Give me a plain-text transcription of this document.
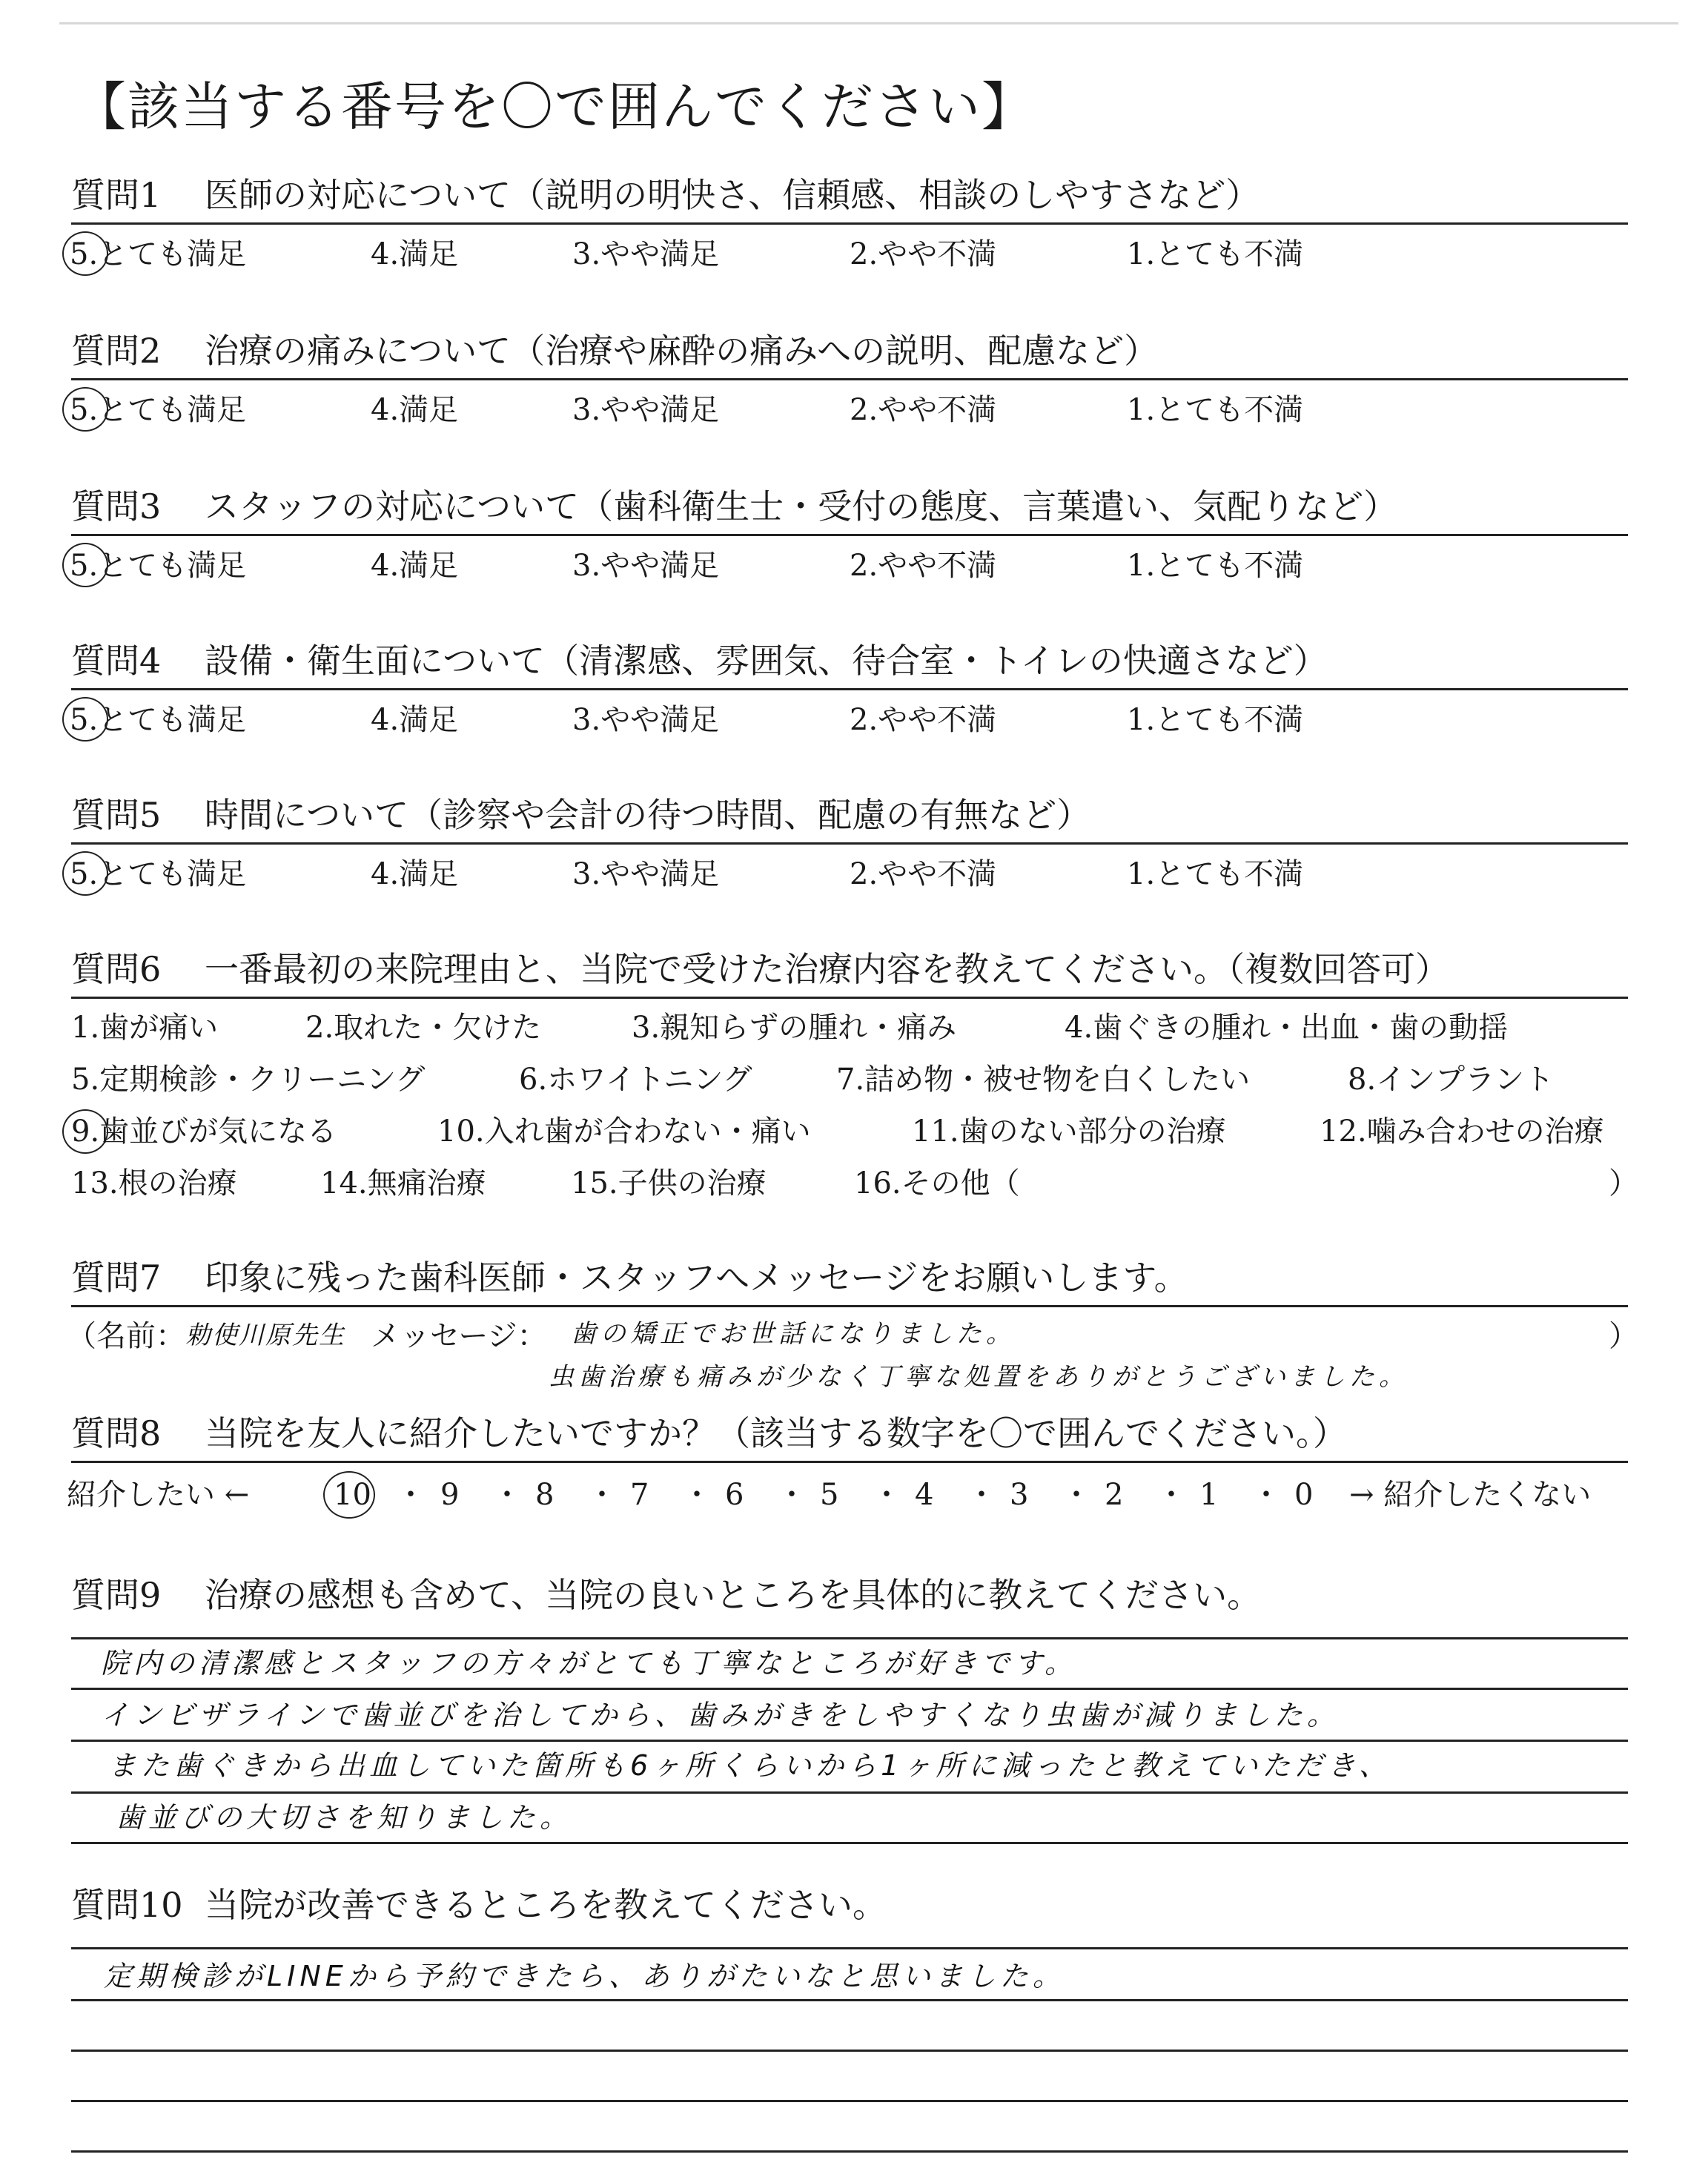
【該当する番号を〇で囲んでください】
質問1 医師の対応について（説明の明快さ、信頼感、相談のしやすさなど）
5.とても満足	4.満足	3.やや満足	2.やや不満	1.とても不満
質問2 治療の痛みについて（治療や麻酔の痛みへの説明、配慮など）
5.とても満足	4.満足	3.やや満足	2.やや不満	1.とても不満
質問3 スタッフの対応について（歯科衛生士・受付の態度、言葉遣い、気配りなど）
5.とても満足	4.満足	3.やや満足	2.やや不満	1.とても不満
質問4 設備・衛生面について（清潔感、雰囲気、待合室・トイレの快適さなど）
5.とても満足	4.満足	3.やや満足	2.やや不満	1.とても不満
質問5 時間について（診察や会計の待つ時間、配慮の有無など）
5.とても満足	4.満足	3.やや満足	2.やや不満	1.とても不満
質問6 一番最初の来院理由と、当院で受けた治療内容を教えてください。（複数回答可）
1.歯が痛い	2.取れた・欠けた	3.親知らずの腫れ・痛み	4.歯ぐきの腫れ・出血・歯の動揺
5.定期検診・クリーニング	6.ホワイトニング	7.詰め物・被せ物を白くしたい	8.インプラント
9.歯並びが気になる	10.入れ歯が合わない・痛い	11.歯のない部分の治療	12.噛み合わせの治療
13.根の治療	14.無痛治療	15.子供の治療	16.その他（	）
質問7 印象に残った歯科医師・スタッフへメッセージをお願いします。
（名前： 勅使川原先生 メッセージ： 歯の矯正でお世話になりました。
虫歯治療も痛みが少なく丁寧な処置をありがとうございました。
）
質問8 当院を友人に紹介したいですか？（該当する数字を〇で囲んでください。）
紹介したい ←	10 ・ 9 ・ 8 ・ 7 ・ 6 ・ 5 ・ 4 ・ 3 ・ 2 ・ 1 ・ 0 → 紹介したくない
質問9 治療の感想も含めて、当院の良いところを具体的に教えてください。
院内の清潔感とスタッフの方々がとても丁寧なところが好きです。
インビザラインで歯並びを治してから、歯みがきをしやすくなり虫歯が減りました。
また歯ぐきから出血していた箇所も6ヶ所くらいから1ヶ所に減ったと教えていただき、
歯並びの大切さを知りました。
質問10 当院が改善できるところを教えてください。
定期検診がLINEから予約できたら、ありがたいなと思いました。
